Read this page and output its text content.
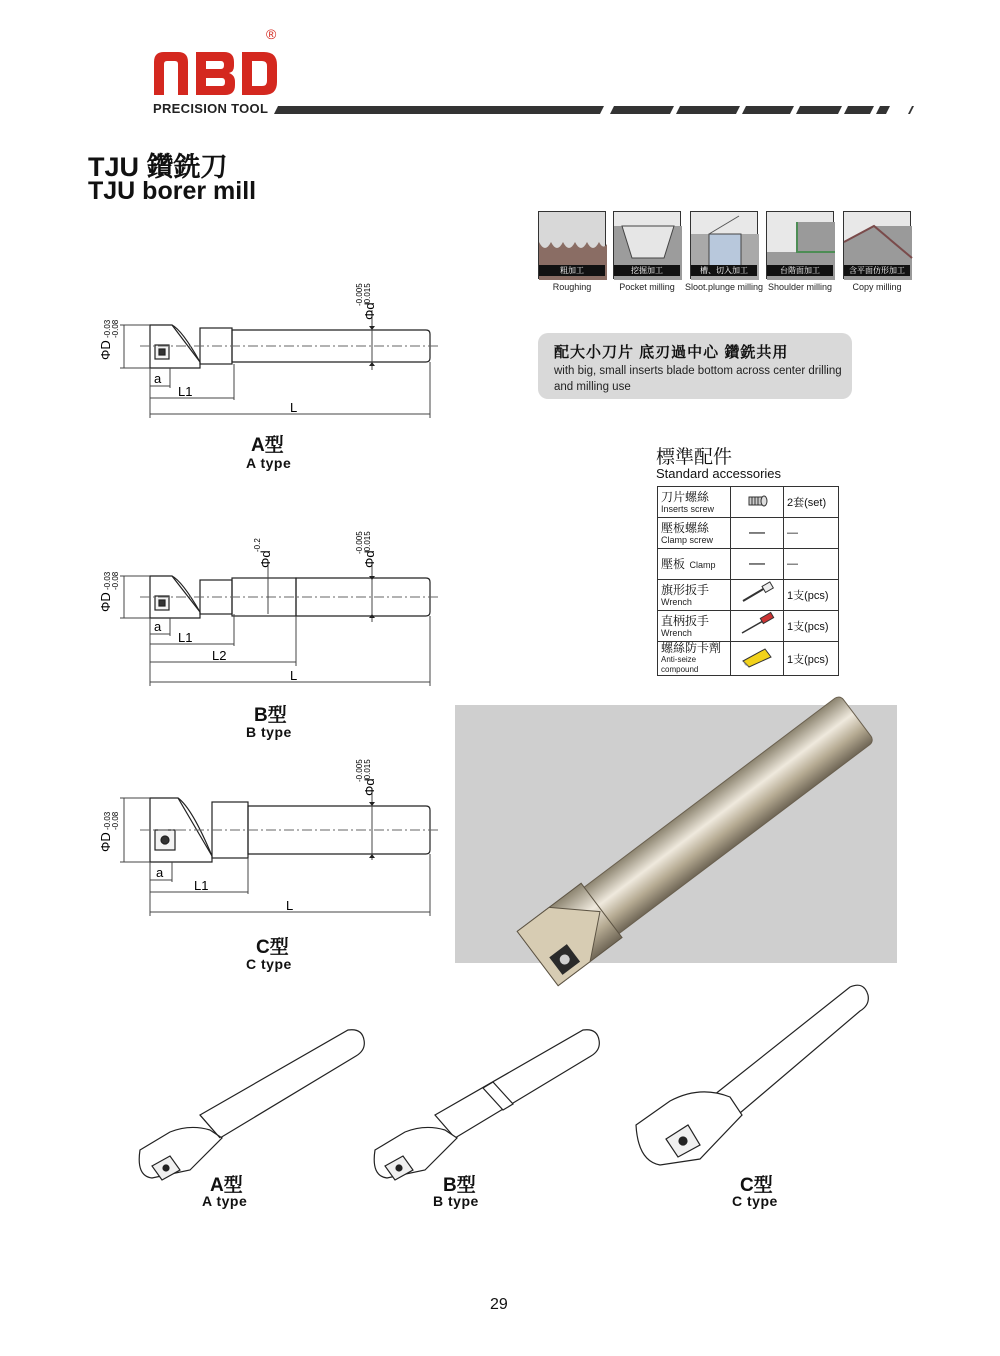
®
PRECISION TOOL
TJU 鑽銑刀
TJU borer mill
粗加工	挖掘加工	槽、切入加工	台階面加工	含平面仿形加工
Roughing	Pocket milling	Sloot.plunge milling Shoulder milling	Copy milling
配大小刀片 底刃過中心 鑽銑共用
with big, small inserts blade bottom across center drilling and milling use
標準配件
Standard accessories
刀片螺絲
Inserts screw		2套(set)

壓板螺絲
Clamp screw	—	—
壓板 Clamp	—	—

旗形扳手
Wrench		1支(pcs)

直柄扳手
Wrench		1支(pcs)

螺絲防卡劑
Anti-seize compound		1支(pcs)
ΦD
-0.03 -0.08
Φd
-0.005 -0.015
a
L1
L
A型
A type
ΦD
-0.03 -0.08
Φd
-0.2
Φd
-0.005 -0.015
a
L1
L2
L
B型
B type
ΦD
-0.03 -0.08
Φd
-0.005 -0.015
a
L1
L
C型
C type
A型
A type
B型
B type
C型
C type
29
